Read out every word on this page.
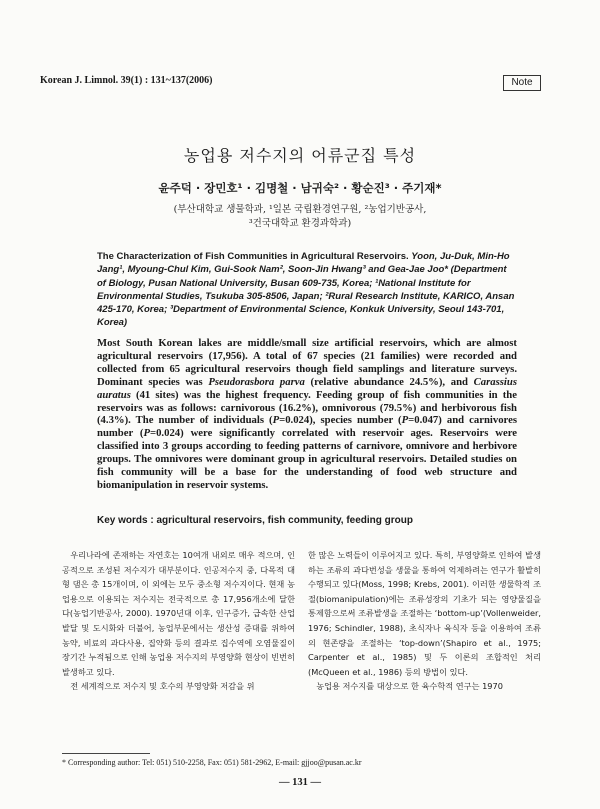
Korean J. Limnol. 39(1) : 131~137(2006)	Note
농업용 저수지의 어류군집 특성
윤주덕 · 장민호¹ · 김명철 · 남귀숙² · 황순진³ · 주기재*
(부산대학교 생물학과, ¹일본 국립환경연구원, ²농업기반공사,
³건국대학교 환경과학과)
The Characterization of Fish Communities in Agricultural Reservoirs. Yoon, Ju-Duk, Min-Ho Jang¹, Myoung-Chul Kim, Gui-Sook Nam², Soon-Jin Hwang³ and Gea-Jae Joo* (Department of Biology, Pusan National University, Busan 609-735, Korea; ¹National Institute for Environmental Studies, Tsukuba 305-8506, Japan; ²Rural Research Institute, KARICO, Ansan 425-170, Korea; ³Department of Environmental Science, Konkuk University, Seoul 143-701, Korea)
Most South Korean lakes are middle/small size artificial reservoirs, which are almost agricultural reservoirs (17,956). A total of 67 species (21 families) were recorded and collected from 65 agricultural reservoirs though field samplings and literature surveys. Dominant species was Pseudorasbora parva (relative abundance 24.5%), and Carassius auratus (41 sites) was the highest frequency. Feeding group of fish communities in the reservoirs was as follows: carnivorous (16.2%), omnivorous (79.5%) and herbivorous fish (4.3%). The number of individuals (P=0.024), species number (P=0.047) and carnivores number (P=0.024) were significantly correlated with reservoir ages. Reservoirs were classified into 3 groups according to feeding patterns of carnivore, omnivore and herbivore groups. The omnivores were dominant group in agricultural reservoirs. Detailed studies on fish community will be a base for the understanding of food web structure and biomanipulation in reservoir systems.
Key words : agricultural reservoirs, fish community, feeding group

우리나라에 존재하는 자연호는 10여개 내외로 매우 적으며, 인공적으로 조성된 저수지가 대부분이다. 인공저수지 중, 다목적 대형 댐은 총 15개이며, 이 외에는 모두 중소형 저수지이다. 현재 농업용으로 이용되는 저수지는 전국적으로 총 17,956개소에 달한다(농업기반공사, 2000). 1970년대 이후, 인구증가, 급속한 산업발달 및 도시화와 더불어, 농업부문에서는 생산성 증대를 위하여 농약, 비료의 과다사용, 집약화 등의 결과로 집수역에 오염물질이 장기간 누적됨으로 인해 농업용 저수지의 부영양화 현상이 빈번히 발생하고 있다.

전 세계적으로 저수지 및 호수의 부영양화 저감을 위

한 많은 노력들이 이루어지고 있다. 특히, 부영양화로 인하여 발생하는 조류의 과다번성을 생물을 통하여 억제하려는 연구가 활발히 수행되고 있다(Moss, 1998; Krebs, 2001). 이러한 생물학적 조절(biomanipulation)에는 조류성장의 기초가 되는 영양물질을 통제함으로써 조류발생을 조절하는 ‘bottom-up’(Vollenweider, 1976; Schindler, 1988), 초식자나 육식자 등을 이용하여 조류의 현존량을 조절하는 ‘top-down’(Shapiro et al., 1975; Carpenter et al., 1985) 및 두 이론의 조합적인 처리(McQueen et al., 1986) 등의 방법이 있다.

농업용 저수지를 대상으로 한 육수학적 연구는 1970

* Corresponding author: Tel: 051) 510-2258, Fax: 051) 581-2962, E-mail: gjjoo@pusan.ac.kr
— 131 —
